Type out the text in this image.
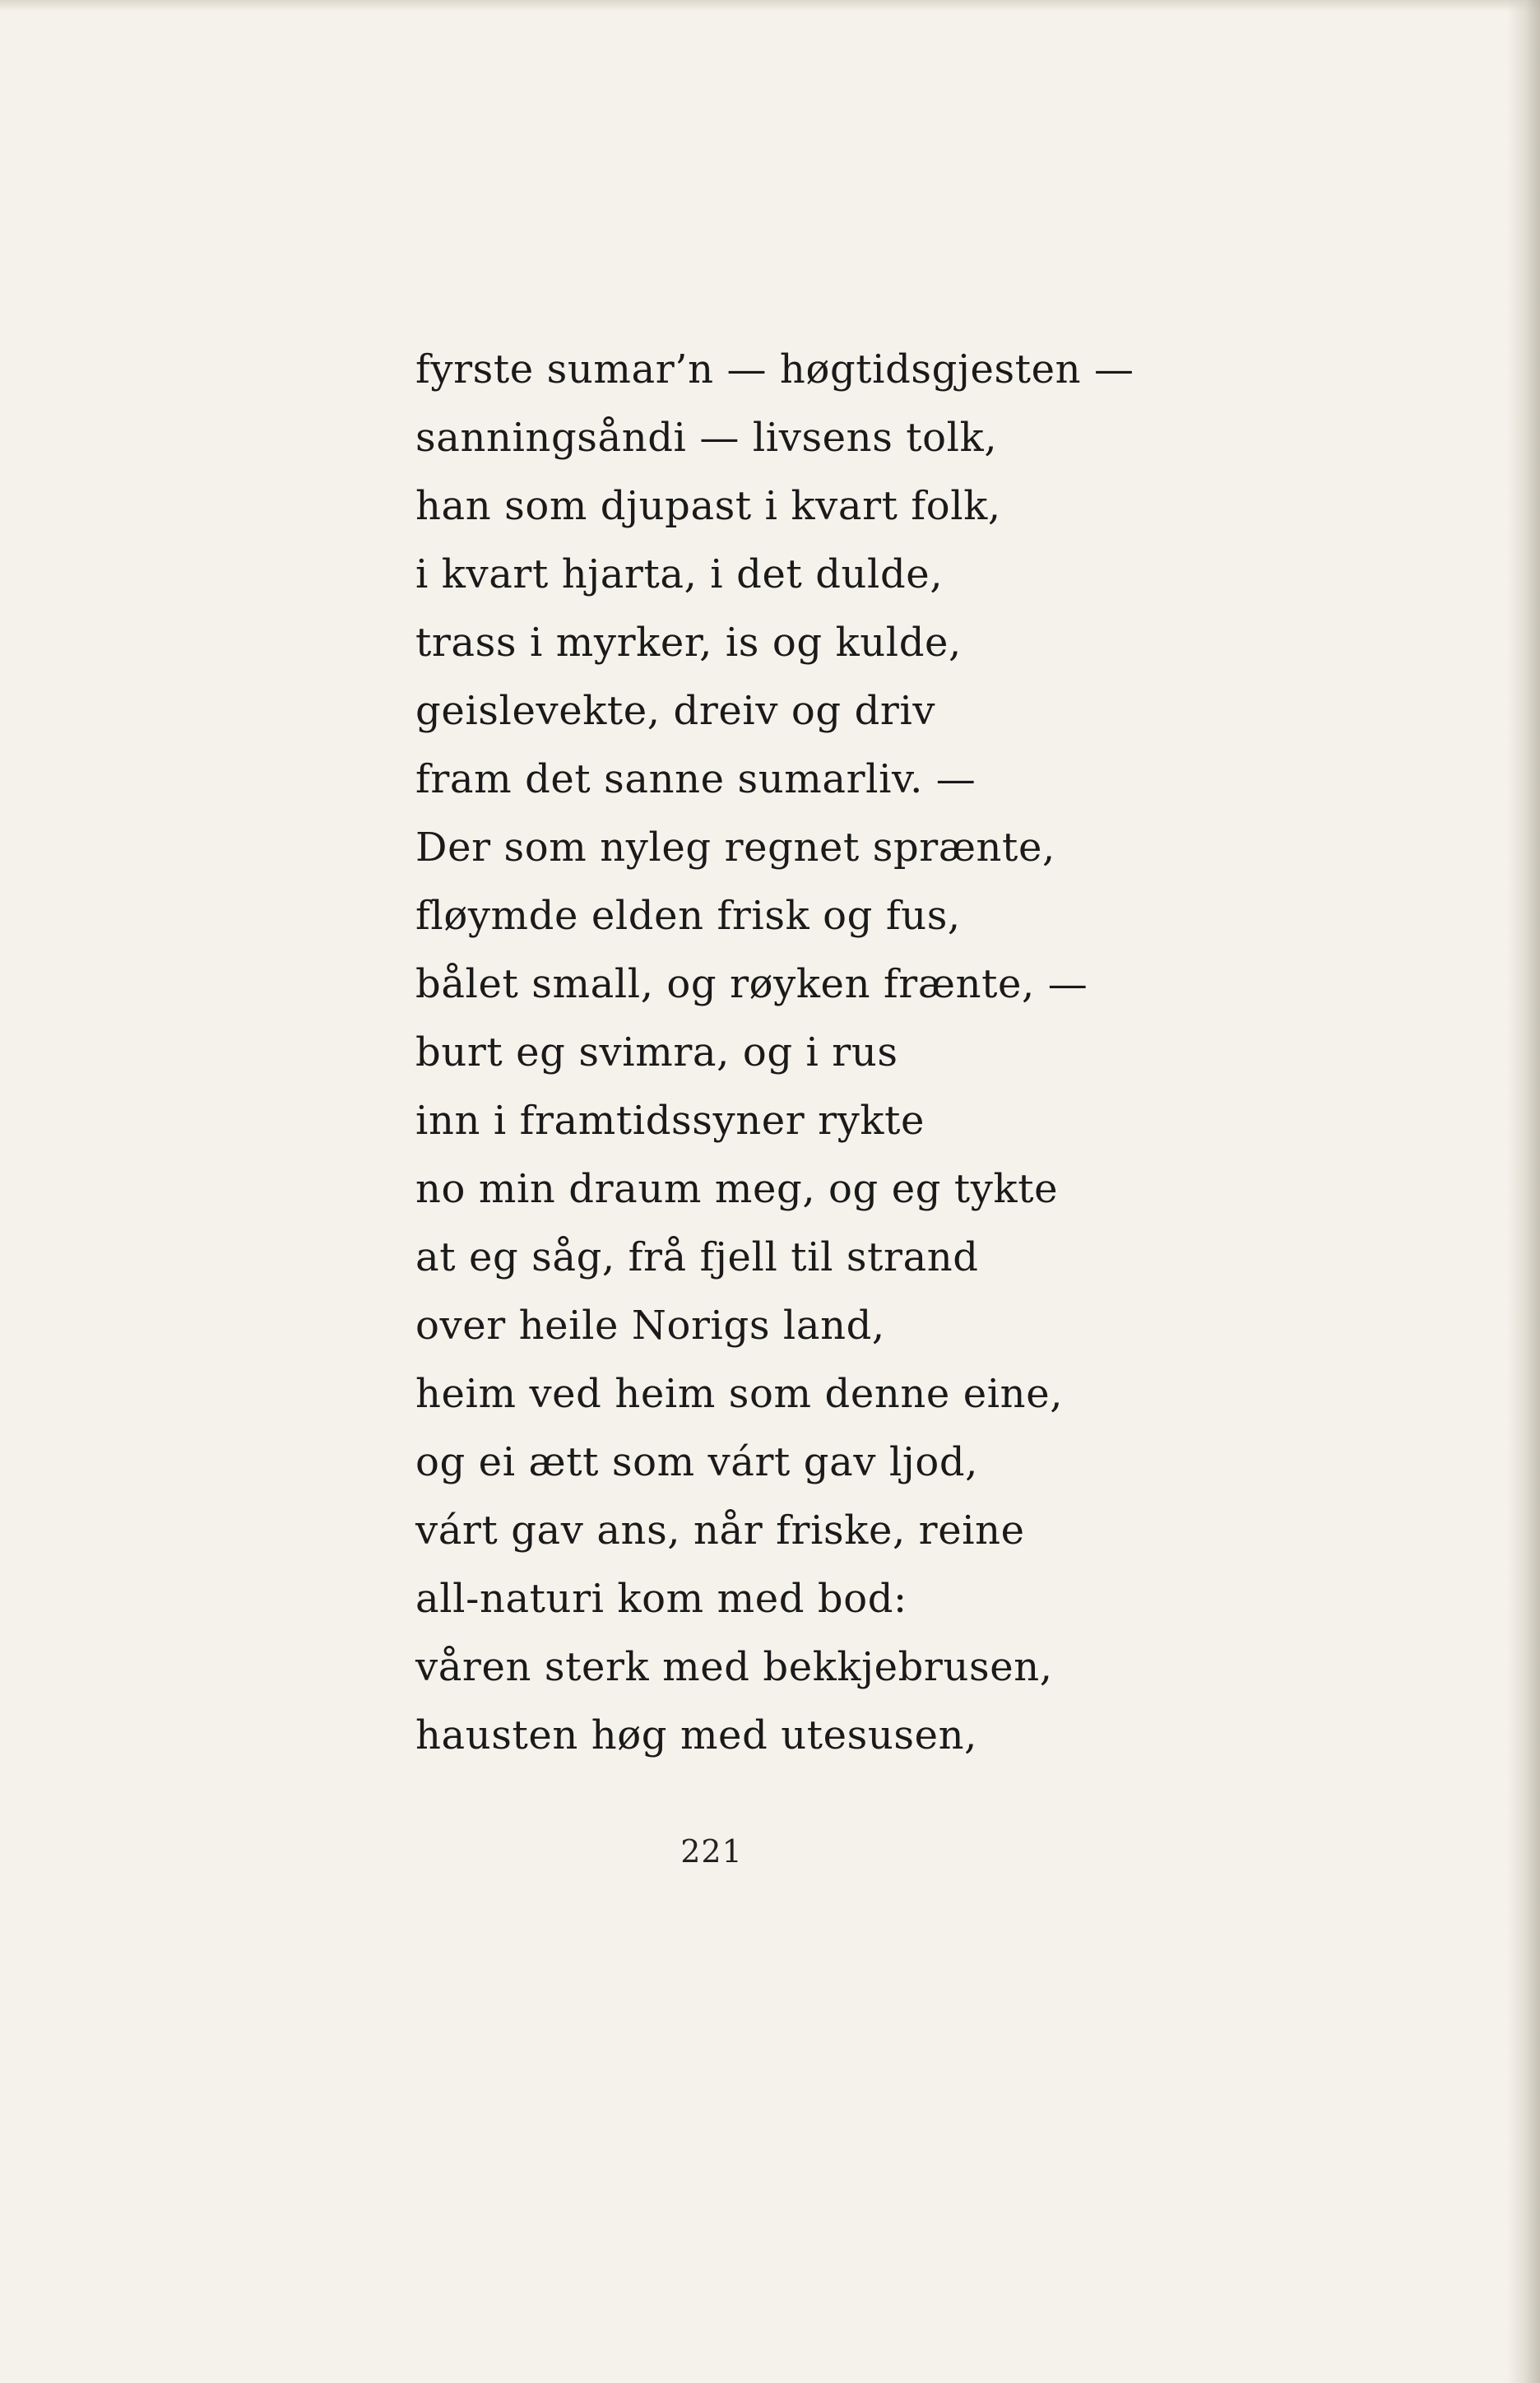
fyrste sumar’n — høgtidsgjesten —
sanningsåndi — livsens tolk,
han som djupast i kvart folk,
i kvart hjarta, i det dulde,
trass i myrker, is og kulde,
geislevekte, dreiv og driv
fram det sanne sumarliv. —
Der som nyleg regnet sprænte,
fløymde elden frisk og fus,
bålet small, og røyken frænte, —
burt eg svimra, og i rus
inn i framtidssyner rykte
no min draum meg, og eg tykte
at eg såg, frå fjell til strand
over heile Norigs land,
heim ved heim som denne eine,
og ei ætt som várt gav ljod,
várt gav ans, når friske, reine
all-naturi kom med bod:
våren sterk med bekkjebrusen,
hausten høg med utesusen,
221
